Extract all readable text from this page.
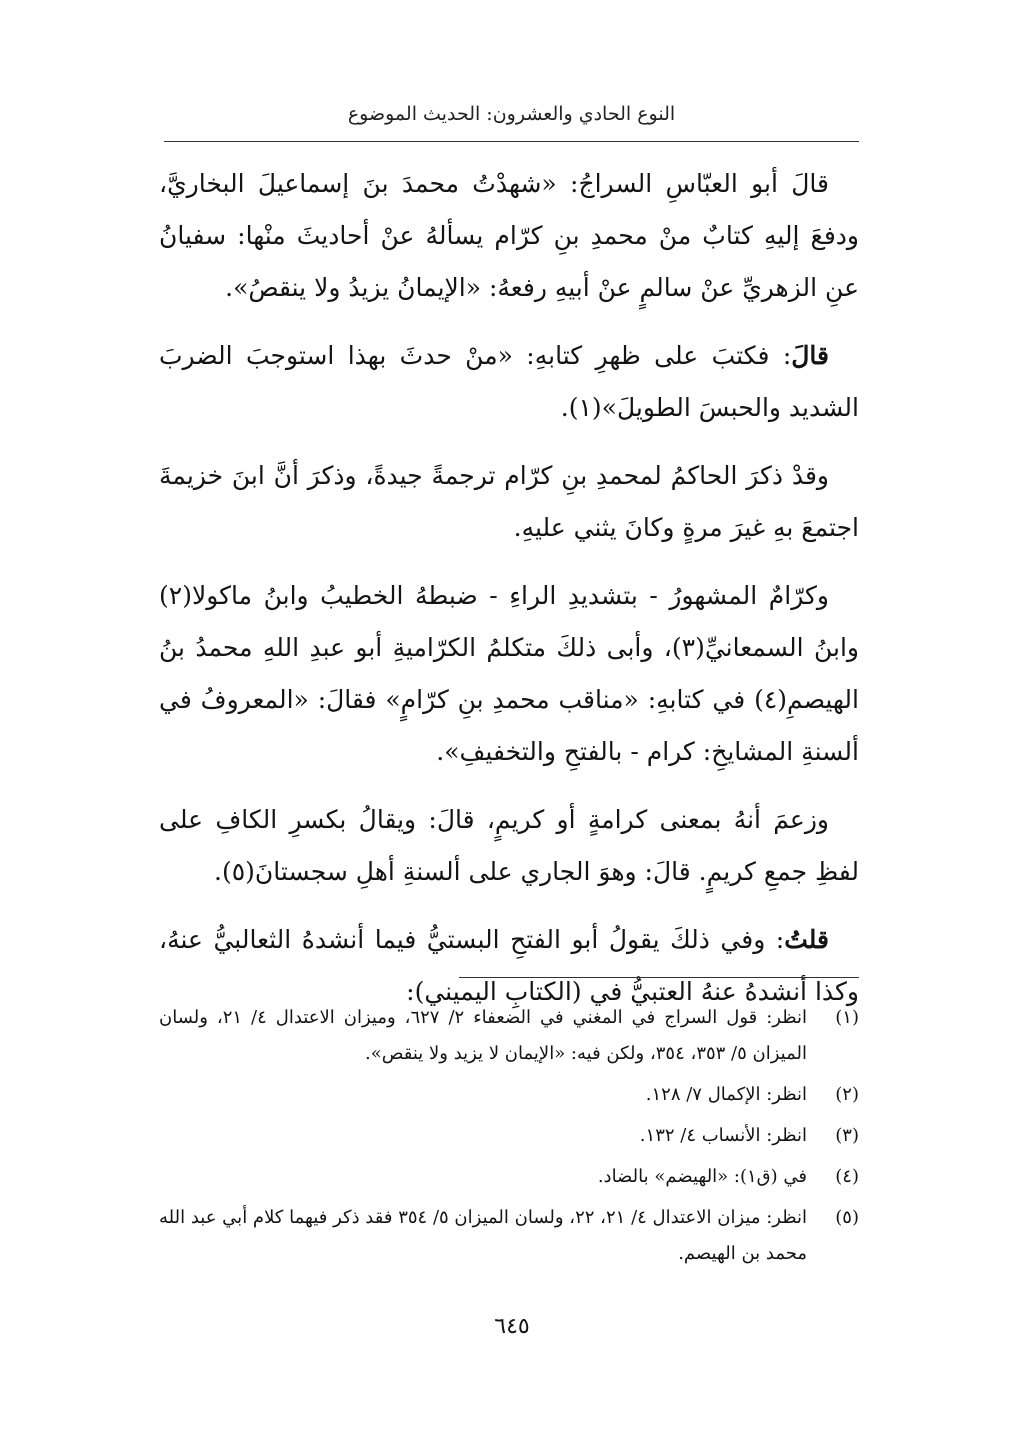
النوع الحادي والعشرون: الحديث الموضوع

قالَ أبو العبّاسِ السراجُ: «شهدْتُ محمدَ بنَ إسماعيلَ البخاريَّ، ودفعَ إليهِ كتابٌ منْ محمدِ بنِ كرّام يسألهُ عنْ أحاديثَ منْها: سفيانُ عنِ الزهريِّ عنْ سالمٍ عنْ أبيهِ رفعهُ: «الإيمانُ يزيدُ ولا ينقصُ».

قالَ: فكتبَ على ظهرِ كتابهِ: «منْ حدثَ بهذا استوجبَ الضربَ الشديد والحبسَ الطويلَ»(١).

وقدْ ذكرَ الحاكمُ لمحمدِ بنِ كرّام ترجمةً جيدةً، وذكرَ أنَّ ابنَ خزيمةَ اجتمعَ بهِ غيرَ مرةٍ وكانَ يثني عليهِ.

وكرّامٌ المشهورُ - بتشديدِ الراءِ - ضبطهُ الخطيبُ وابنُ ماكولا(٢) وابنُ السمعانيِّ(٣)، وأبى ذلكَ متكلمُ الكرّاميةِ أبو عبدِ اللهِ محمدُ بنُ الهيصمِ(٤) في كتابهِ: «مناقب محمدِ بنِ كرّامٍ» فقالَ: «المعروفُ في ألسنةِ المشايخِ: كرام - بالفتحِ والتخفيفِ».

وزعمَ أنهُ بمعنى كرامةٍ أو كريمٍ، قالَ: ويقالُ بكسرِ الكافِ على لفظِ جمعِ كريمٍ. قالَ: وهوَ الجاري على ألسنةِ أهلِ سجستانَ(٥).

قلتُ: وفي ذلكَ يقولُ أبو الفتحِ البستيُّ فيما أنشدهُ الثعالبيُّ عنهُ، وكذا أنشدهُ عنهُ العتبيُّ في (الكتابِ اليميني):

(١)
انظر: قول السراج في المغني في الضعفاء ٢/ ٦٢٧، وميزان الاعتدال ٤/ ٢١، ولسان الميزان ٥/ ٣٥٣، ٣٥٤، ولكن فيه: «الإيمان لا يزيد ولا ينقص».
(٢)
انظر: الإكمال ٧/ ١٢٨.
(٣)
انظر: الأنساب ٤/ ١٣٢.
(٤)
في (ق١): «الهيضم» بالضاد.
(٥)
انظر: ميزان الاعتدال ٤/ ٢١، ٢٢، ولسان الميزان ٥/ ٣٥٤ فقد ذكر فيهما كلام أبي عبد الله محمد بن الهيصم.
٦٤٥
